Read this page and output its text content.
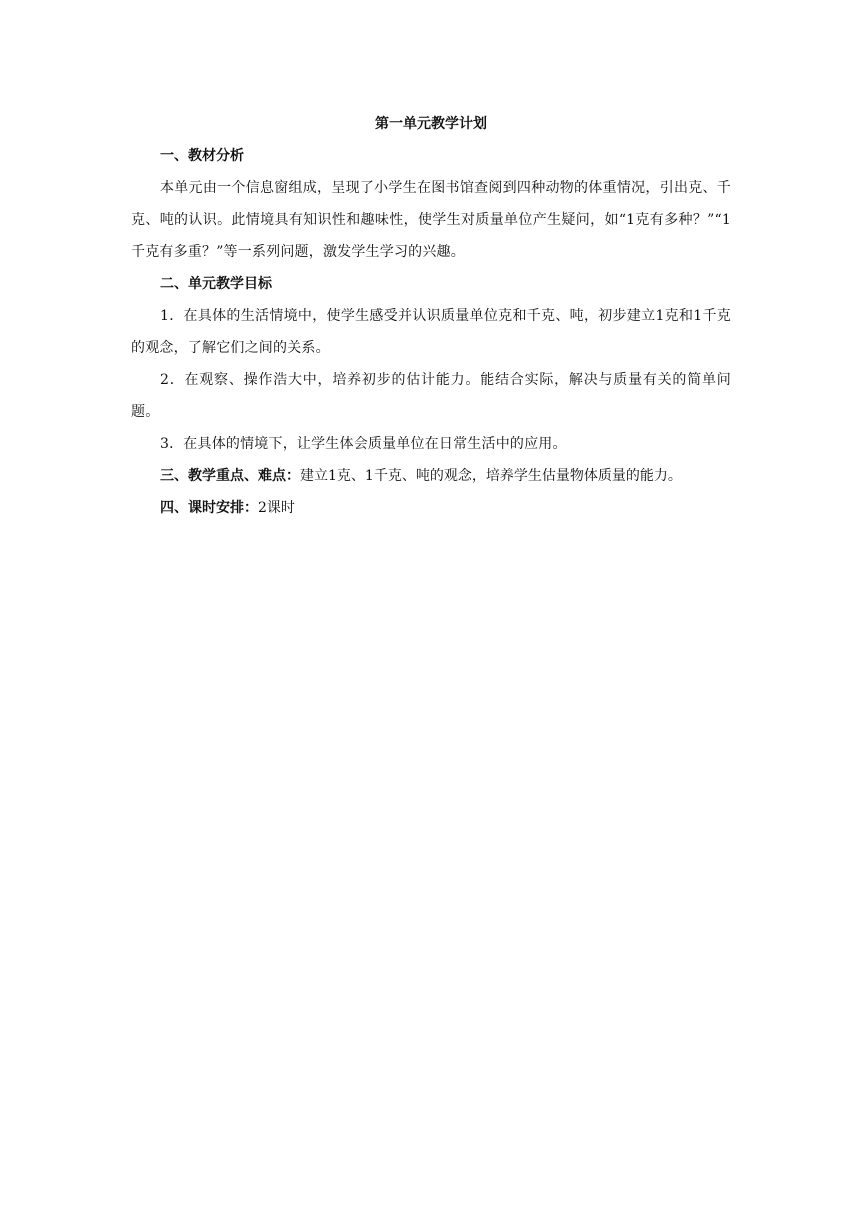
第一单元教学计划

一、教材分析

本单元由一个信息窗组成，呈现了小学生在图书馆查阅到四种动物的体重情况，引出克、千克、吨的认识。此情境具有知识性和趣味性，使学生对质量单位产生疑问，如“1克有多种？”“1千克有多重？”等一系列问题，激发学生学习的兴趣。

二、单元教学目标

1．在具体的生活情境中，使学生感受并认识质量单位克和千克、吨，初步建立1克和1千克的观念，了解它们之间的关系。

2．在观察、操作浩大中，培养初步的估计能力。能结合实际，解决与质量有关的简单问题。

3．在具体的情境下，让学生体会质量单位在日常生活中的应用。

三、教学重点、难点：建立1克、1千克、吨的观念，培养学生估量物体质量的能力。

四、课时安排：2课时
